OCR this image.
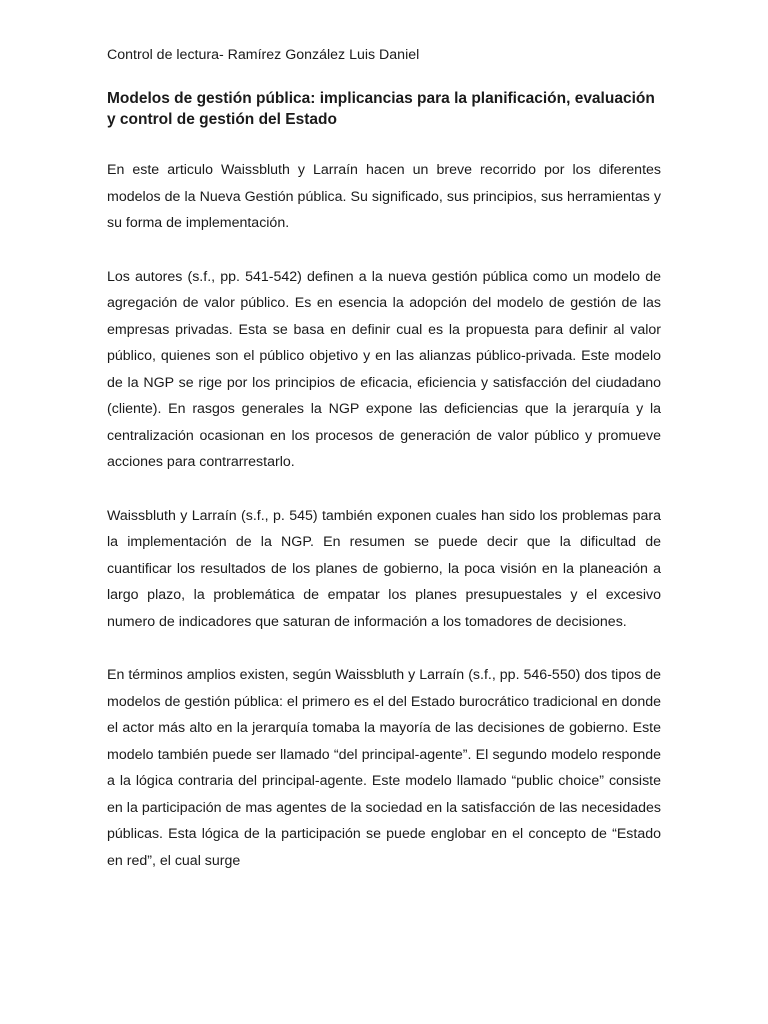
Control de lectura- Ramírez González Luis Daniel
Modelos de gestión pública: implicancias para la planificación, evaluación y control de gestión del Estado

En este articulo Waissbluth y Larraín hacen un breve recorrido por los diferentes modelos de la Nueva Gestión pública. Su significado, sus principios, sus herramientas y su forma de implementación.

Los autores (s.f., pp. 541-542) definen a la nueva gestión pública como un modelo de agregación de valor público. Es en esencia la adopción del modelo de gestión de las empresas privadas. Esta se basa en definir cual es la propuesta para definir al valor público, quienes son el público objetivo y en las alianzas público-privada. Este modelo de la NGP se rige por los principios de eficacia, eficiencia y satisfacción del ciudadano (cliente). En rasgos generales la NGP expone las deficiencias que la jerarquía y la centralización ocasionan en los procesos de generación de valor público y promueve acciones para contrarrestarlo.

Waissbluth y Larraín (s.f., p. 545) también exponen cuales han sido los problemas para la implementación de la NGP. En resumen se puede decir que la dificultad de cuantificar los resultados de los planes de gobierno, la poca visión en la planeación a largo plazo, la problemática de empatar los planes presupuestales y el excesivo numero de indicadores que saturan de información a los tomadores de decisiones.

En términos amplios existen, según Waissbluth y Larraín (s.f., pp. 546-550) dos tipos de modelos de gestión pública: el primero es el del Estado burocrático tradicional en donde el actor más alto en la jerarquía tomaba la mayoría de las decisiones de gobierno. Este modelo también puede ser llamado “del principal-agente”. El segundo modelo responde a la lógica contraria del principal-agente. Este modelo llamado “public choice” consiste en la participación de mas agentes de la sociedad en la satisfacción de las necesidades públicas. Esta lógica de la participación se puede englobar en el concepto de “Estado en red”, el cual surge
